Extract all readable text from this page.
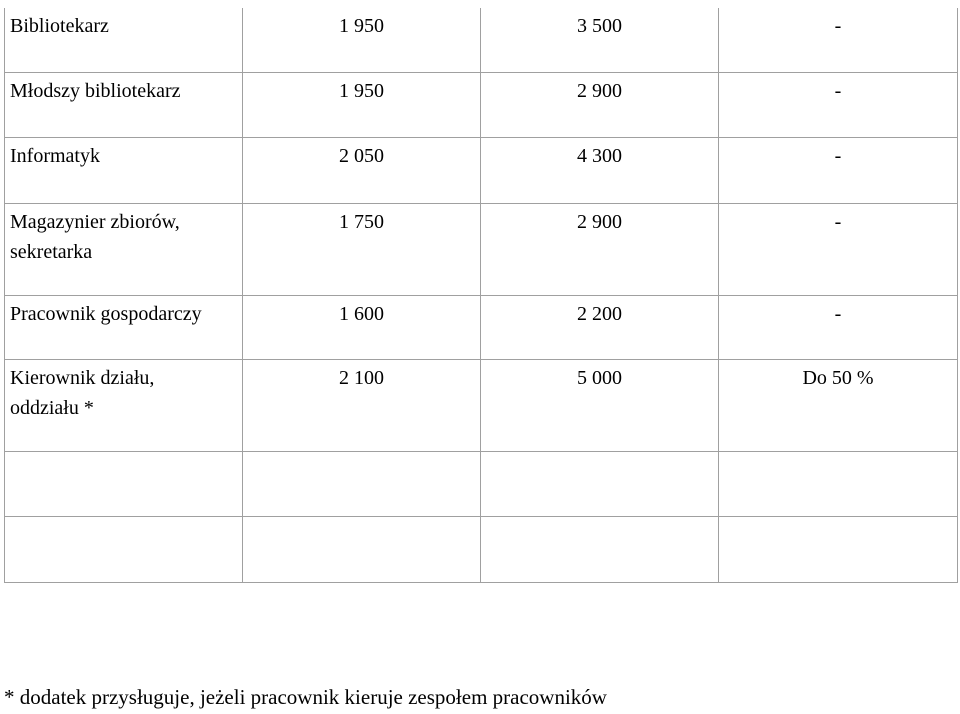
Bibliotekarz	1 950	3 500	-
Młodszy bibliotekarz	1 950	2 900	-
Informatyk	2 050	4 300	-
Magazynier zbiorów,
sekretarka	1 750	2 900	-
Pracownik gospodarczy	1 600	2 200	-
Kierownik działu,
oddziału *	2 100	5 000	Do 50 %

* dodatek przysługuje, jeżeli pracownik kieruje zespołem pracowników
